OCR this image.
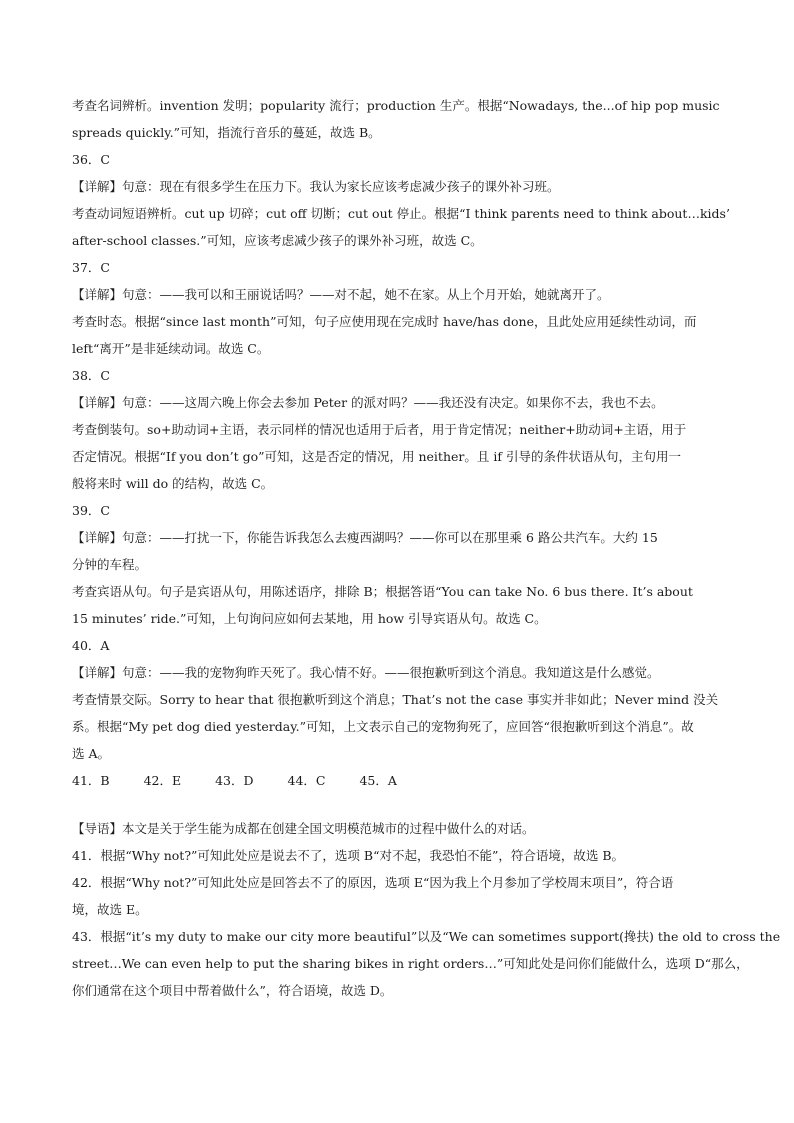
考查名词辨析。invention 发明；popularity 流行；production 生产。根据“Nowadays, the...of hip pop music
spreads quickly.”可知，指流行音乐的蔓延，故选 B。
36．C
【详解】句意：现在有很多学生在压力下。我认为家长应该考虑减少孩子的课外补习班。
考查动词短语辨析。cut up 切碎；cut off 切断；cut out 停止。根据“I think parents need to think about…kids’
after-school classes.”可知，应该考虑减少孩子的课外补习班，故选 C。
37．C
【详解】句意：——我可以和王丽说话吗？——对不起，她不在家。从上个月开始，她就离开了。
考查时态。根据“since last month”可知，句子应使用现在完成时 have/has done，且此处应用延续性动词，而
left“离开”是非延续动词。故选 C。
38．C
【详解】句意：——这周六晚上你会去参加 Peter 的派对吗？——我还没有决定。如果你不去，我也不去。
考查倒装句。so+助动词+主语，表示同样的情况也适用于后者，用于肯定情况；neither+助动词+主语，用于
否定情况。根据“If you don’t go”可知，这是否定的情况，用 neither。且 if 引导的条件状语从句，主句用一
般将来时 will do 的结构，故选 C。
39．C
【详解】句意：——打扰一下，你能告诉我怎么去瘦西湖吗？——你可以在那里乘 6 路公共汽车。大约 15
分钟的车程。
考查宾语从句。句子是宾语从句，用陈述语序，排除 B；根据答语“You can take No. 6 bus there. It’s about
15 minutes’ ride.”可知，上句询问应如何去某地，用 how 引导宾语从句。故选 C。
40．A
【详解】句意：——我的宠物狗昨天死了。我心情不好。——很抱歉听到这个消息。我知道这是什么感觉。
考查情景交际。Sorry to hear that 很抱歉听到这个消息；That’s not the case 事实并非如此；Never mind 没关
系。根据“My pet dog died yesterday.”可知，上文表示自己的宠物狗死了，应回答“很抱歉听到这个消息”。故
选 A。
41．B	42．E	43．D	44．C	45．A
【导语】本文是关于学生能为成都在创建全国文明模范城市的过程中做什么的对话。
41．根据“Why not?”可知此处应是说去不了，选项 B“对不起，我恐怕不能”，符合语境，故选 B。
42．根据“Why not?”可知此处应是回答去不了的原因，选项 E“因为我上个月参加了学校周末项目”，符合语
境，故选 E。
43．根据“it’s my duty to make our city more beautiful”以及“We can sometimes support(搀扶) the old to cross the
street…We can even help to put the sharing bikes in right orders…”可知此处是问你们能做什么，选项 D“那么，
你们通常在这个项目中帮着做什么”，符合语境，故选 D。
